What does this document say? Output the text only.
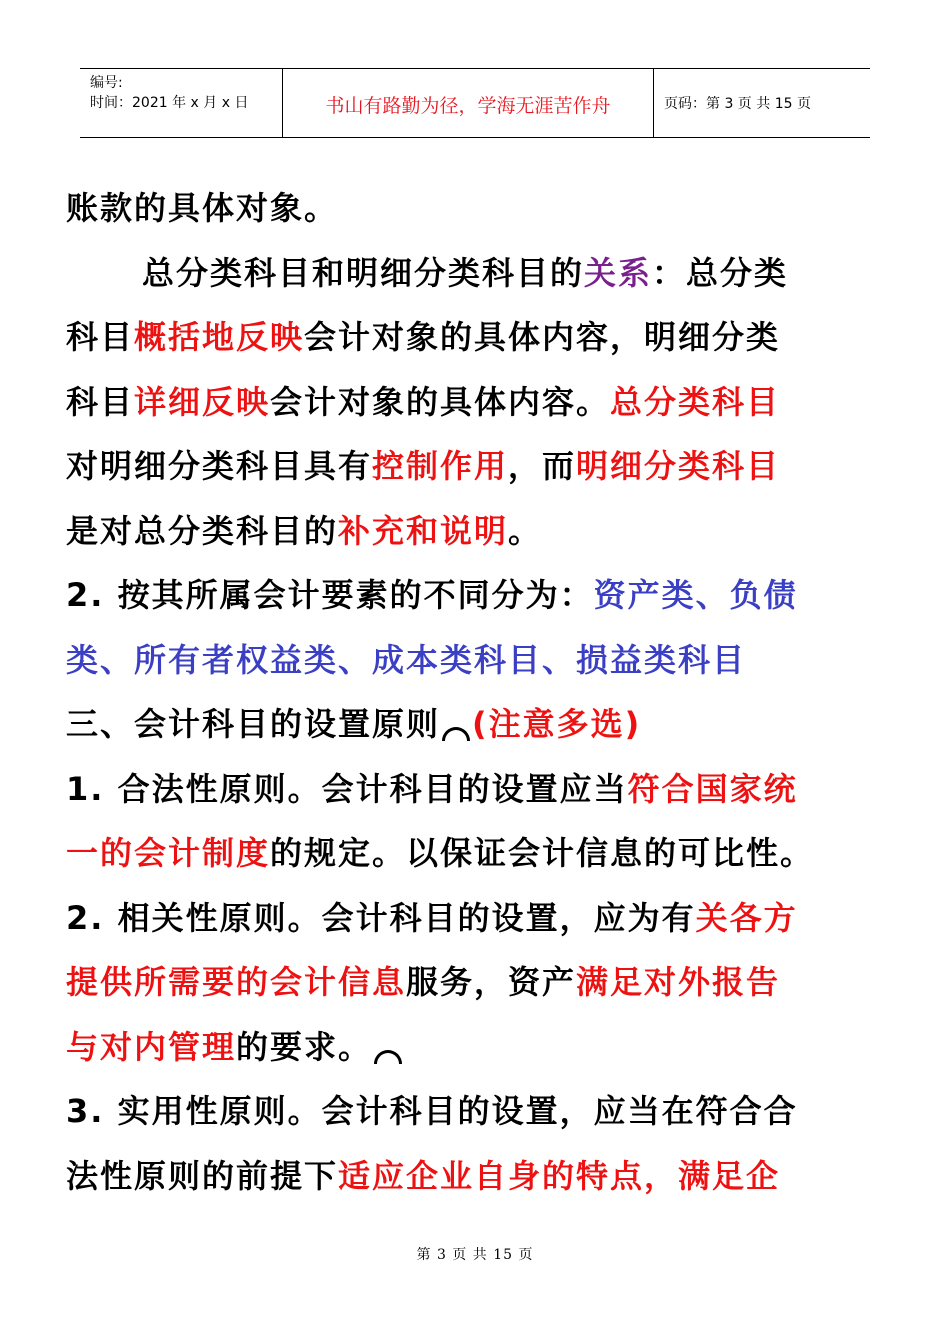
编号:
时间：2021 年 x 月 x 日	书山有路勤为径，学海无涯苦作舟	页码：第 3 页 共 15 页
账款的具体对象。
总分类科目和明细分类科目的关系：总分类
科目概括地反映会计对象的具体内容，明细分类
科目详细反映会计对象的具体内容。总分类科目
对明细分类科目具有控制作用，而明细分类科目
是对总分类科目的补充和说明。
2. 按其所属会计要素的不同分为：资产类、负债
类、所有者权益类、成本类科目、损益类科目
三、会计科目的设置原则 (注意多选)
1. 合法性原则。会计科目的设置应当符合国家统
一的会计制度的规定。以保证会计信息的可比性。
2. 相关性原则。会计科目的设置，应为有关各方
提供所需要的会计信息服务，资产满足对外报告
与对内管理的要求。
3. 实用性原则。会计科目的设置，应当在符合合
法性原则的前提下适应企业自身的特点，满足企
第 3 页 共 15 页
